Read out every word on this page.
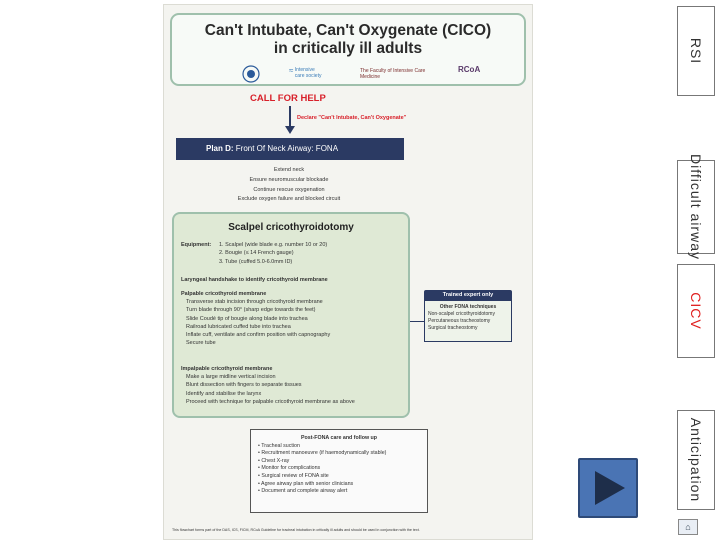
Can't Intubate, Can't Oxygenate (CICO)
in critically ill adults
≈ Intensive care society
The Faculty of Intensive Care Medicine
RCoA
CALL FOR HELP
Declare "Can't Intubate, Can't Oxygenate"
Plan D: Front Of Neck Airway: FONA
Extend neck
Ensure neuromuscular blockade
Continue rescue oxygenation
Exclude oxygen failure and blocked circuit
Scalpel cricothyroidotomy
Equipment: 1. Scalpel (wide blade e.g. number 10 or 20)
2. Bougie (≤ 14 French gauge)
3. Tube (cuffed 5.0-6.0mm ID)
Laryngeal handshake to identify cricothyroid membrane
Palpable cricothyroid membrane
Transverse stab incision through cricothyroid membrane
Turn blade through 90° (sharp edge towards the feet)
Slide Coudé tip of bougie along blade into trachea
Railroad lubricated cuffed tube into trachea
Inflate cuff, ventilate and confirm position with capnography
Secure tube
Impalpable cricothyroid membrane
Make a large midline vertical incision
Blunt dissection with fingers to separate tissues
Identify and stabilise the larynx
Proceed with technique for palpable cricothyroid membrane as above
Trained expert only
Other FONA techniques
Non-scalpel cricothyroidotomy
Percutaneous tracheostomy
Surgical tracheostomy
Post-FONA care and follow up
• Tracheal suction
• Recruitment manoeuvre (if haemodynamically stable)
• Chest X-ray
• Monitor for complications
• Surgical review of FONA site
• Agree airway plan with senior clinicians
• Document and complete airway alert
This flowchart forms part of the DAS, ICS, FICM, RCoA Guideline for tracheal intubation in critically ill adults and should be used in conjunction with the text.
RSI
Difficult airway
CICV
Anticipation
⌂
